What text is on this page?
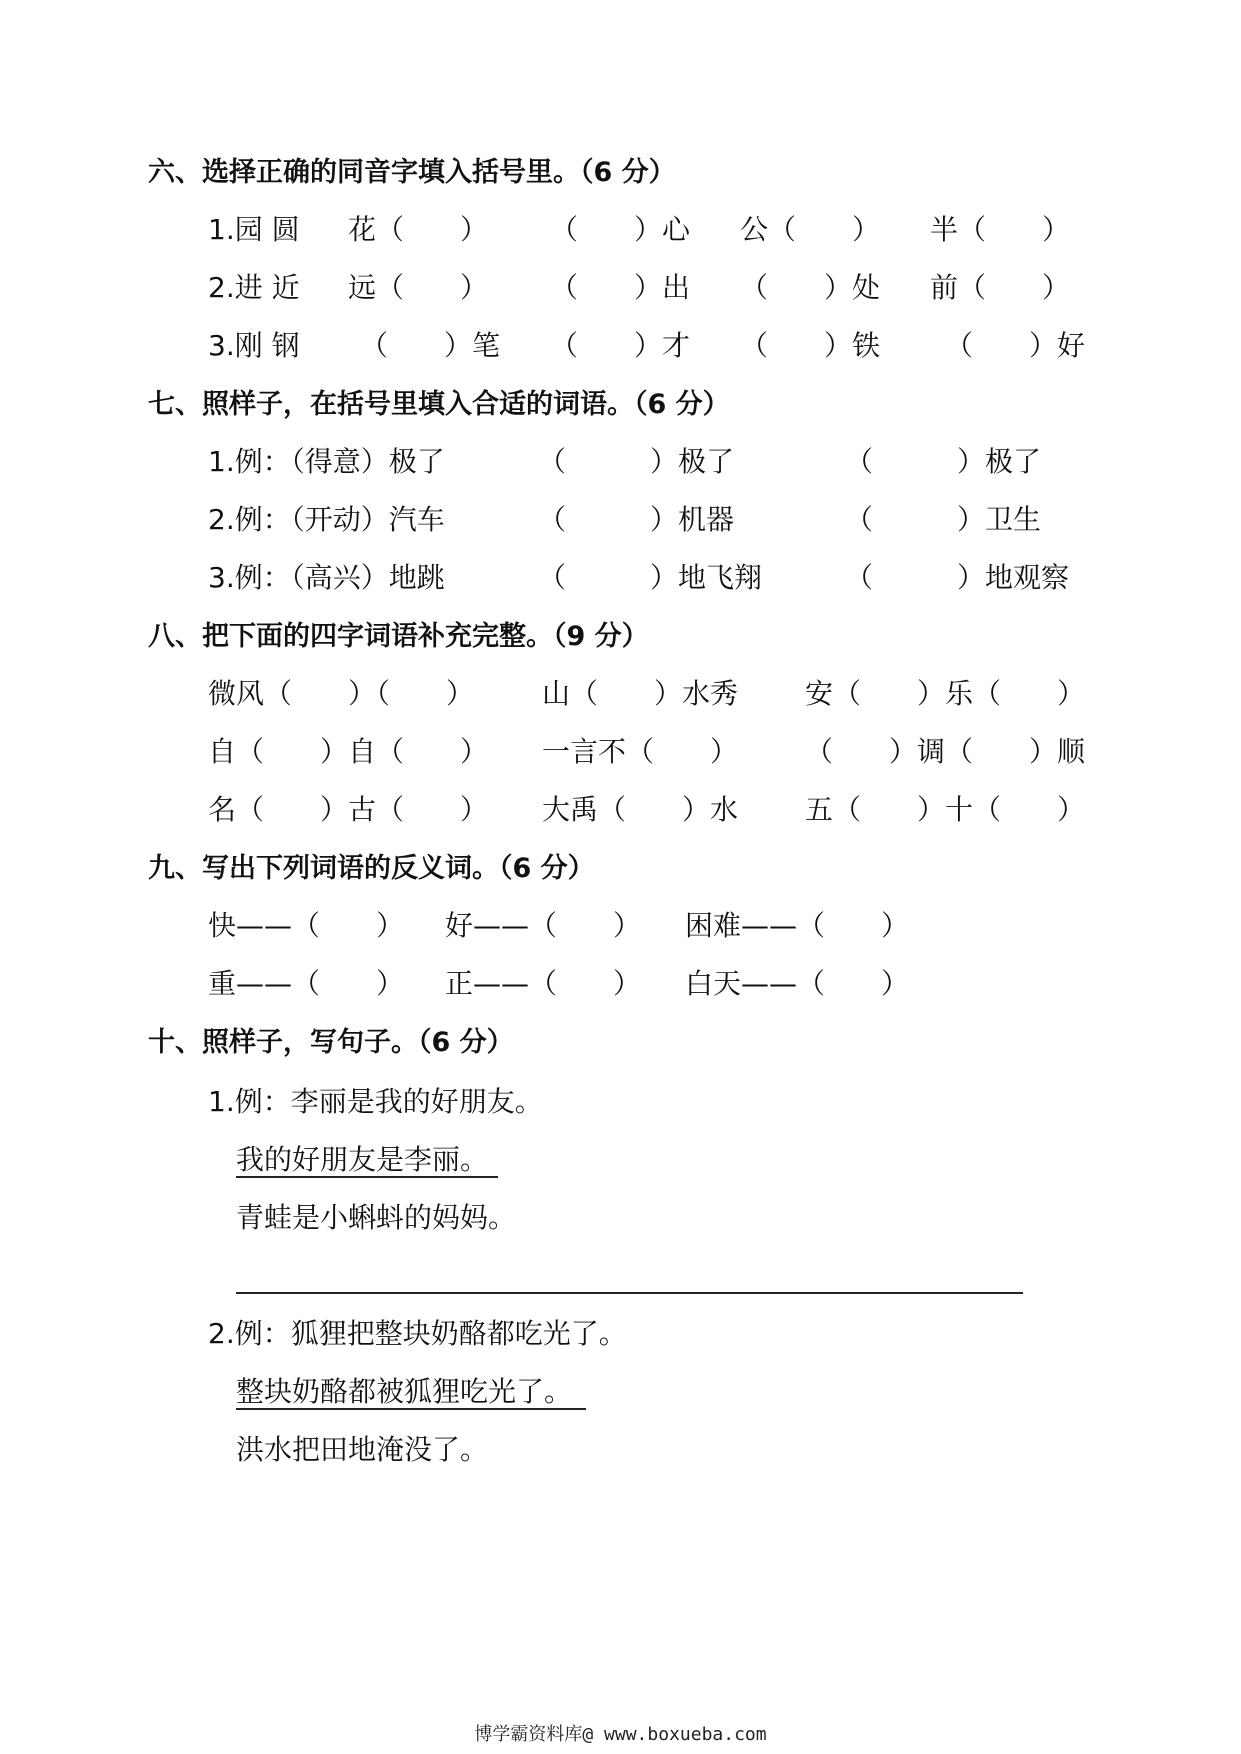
六、选择正确的同音字填入括号里。（6 分）
1.园 圆 花（　　） （　　）心 公（　　） 半（　　）
2.进 近 远（　　） （　　）出 （　　）处 前（　　）
3.刚 钢 （　　）笔 （　　）才 （　　）铁 （　　）好
七、照样子，在括号里填入合适的词语。（6 分）
1.例：（得意）极了	（　　　）极了	（　　　）极了
2.例：（开动）汽车	（　　　）机器	（　　　）卫生
3.例：（高兴）地跳	（　　　）地飞翔	（　　　）地观察
八、把下面的四字词语补充完整。（9 分）
微风（　　）（　　） 山（　　）水秀 安（　　）乐（　　）
自（　　）自（　　） 一言不（　　） （　　）调（　　）顺
名（　　）古（　　） 大禹（　　）水 五（　　）十（　　）
九、写出下列词语的反义词。（6 分）
快——（　　） 好——（　　） 困难——（　　）
重——（　　） 正——（　　） 白天——（　　）
十、照样子，写句子。（6 分）
1.例：李丽是我的好朋友。
我的好朋友是李丽。
青蛙是小蝌蚪的妈妈。
2.例：狐狸把整块奶酪都吃光了。
整块奶酪都被狐狸吃光了。
洪水把田地淹没了。
博学霸资料库@ www.boxueba.com
